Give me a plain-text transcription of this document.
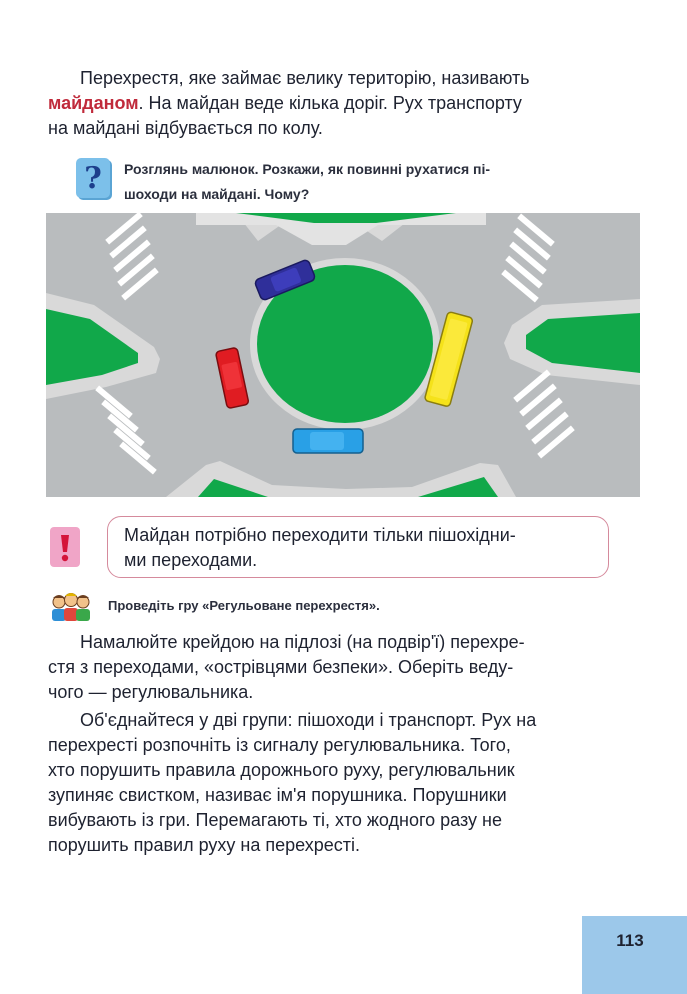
Перехрестя, яке займає велику територію, називають
майданом. На майдан веде кілька доріг. Рух транспорту
на майдані відбувається по колу.

?	Розглянь малюнок. Розкажи, як повинні рухатися пі-
шоходи на майдані. Чому?

Майдан потрібно переходити тільки пішохідни-
ми переходами.

Проведіть гру «Регульоване перехрестя».

Намалюйте крейдою на підлозі (на подвір'ї) перехре-
стя з переходами, «острівцями безпеки». Оберіть веду-
чого — регулювальника.

Об'єднайтеся у дві групи: пішоходи і транспорт. Рух на
перехресті розпочніть із сигналу регулювальника. Того,
хто порушить правила дорожнього руху, регулювальник
зупиняє свистком, називає ім'я порушника. Порушники
вибувають із гри. Перемагають ті, хто жодного разу не
порушить правил руху на перехресті.

113
